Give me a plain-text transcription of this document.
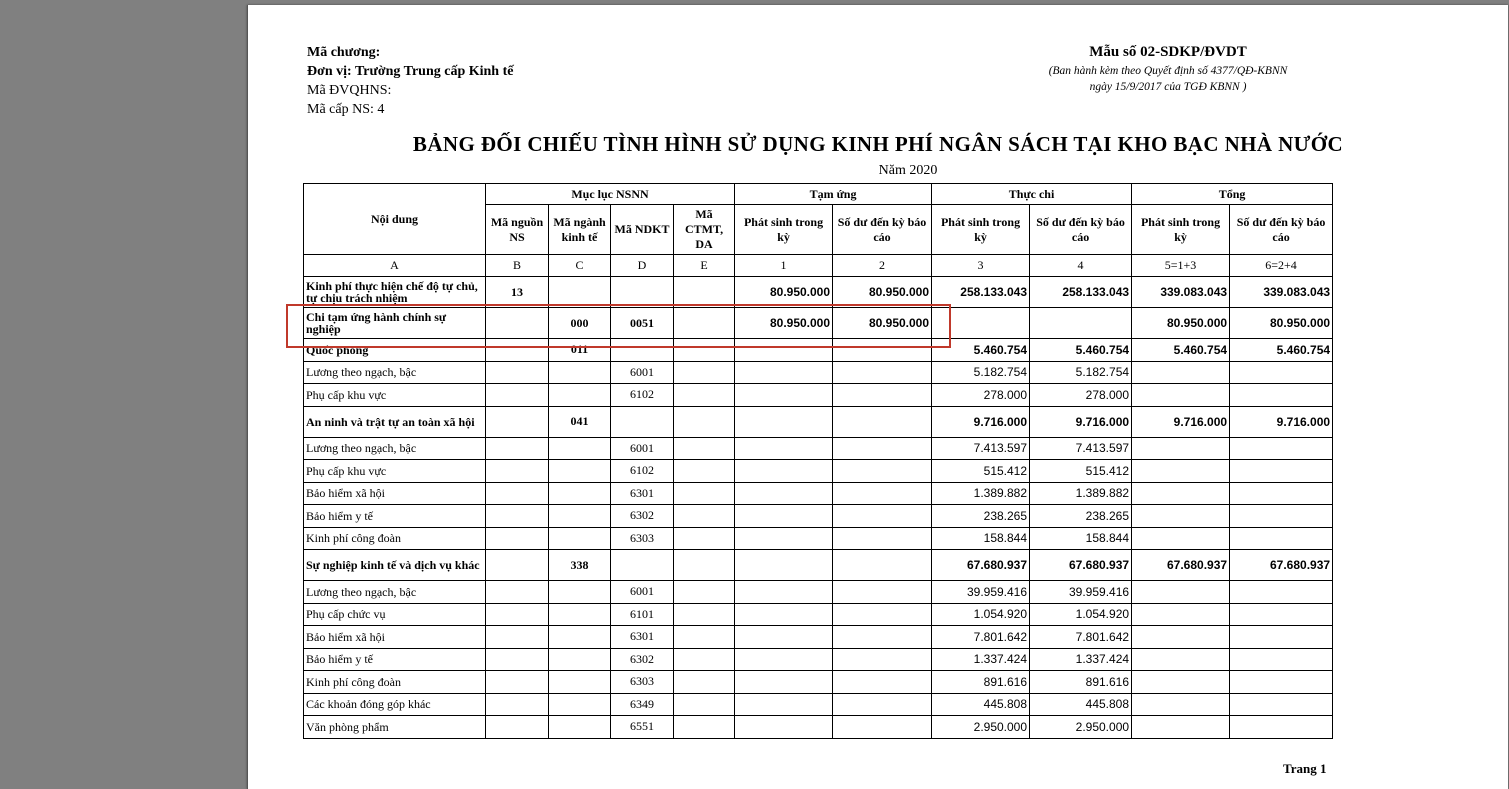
Mã chương:
Đơn vị: Trường Trung cấp Kinh tế
Mã ĐVQHNS:
Mã cấp NS: 4
Mẫu số 02-SDKP/ĐVDT
(Ban hành kèm theo Quyết định số 4377/QĐ-KBNN
ngày 15/9/2017 của TGĐ KBNN )
BẢNG ĐỐI CHIẾU TÌNH HÌNH SỬ DỤNG KINH PHÍ NGÂN SÁCH TẠI KHO BẠC NHÀ NƯỚC
Năm 2020
Nội dung	Mục lục NSNN				Tạm ứng		Thực chi		Tổng	
	Mã nguồn NS	Mã ngành kinh tế	Mã NDKT	Mã CTMT, DA	Phát sinh trong kỳ	Số dư đến kỳ báo cáo	Phát sinh trong kỳ	Số dư đến kỳ báo cáo	Phát sinh trong kỳ	Số dư đến kỳ báo cáo
A	B	C	D	E	1	2	3	4	5=1+3	6=2+4
Kinh phí thực hiện chế độ tự chủ, tự chịu trách nhiệm	13				80.950.000	80.950.000	258.133.043	258.133.043	339.083.043	339.083.043
Chi tạm ứng hành chính sự nghiệp		000	0051		80.950.000	80.950.000			80.950.000	80.950.000
Quốc phòng		011					5.460.754	5.460.754	5.460.754	5.460.754
Lương theo ngạch, bậc			6001				5.182.754	5.182.754		
Phụ cấp khu vực			6102				278.000	278.000		
An ninh và trật tự an toàn xã hội		041					9.716.000	9.716.000	9.716.000	9.716.000
Lương theo ngạch, bậc			6001				7.413.597	7.413.597		
Phụ cấp khu vực			6102				515.412	515.412		
Bảo hiểm xã hội			6301				1.389.882	1.389.882		
Bảo hiểm y tế			6302				238.265	238.265		
Kinh phí công đoàn			6303				158.844	158.844		
Sự nghiệp kinh tế và dịch vụ khác		338					67.680.937	67.680.937	67.680.937	67.680.937
Lương theo ngạch, bậc			6001				39.959.416	39.959.416		
Phụ cấp chức vụ			6101				1.054.920	1.054.920		
Bảo hiểm xã hội			6301				7.801.642	7.801.642		
Bảo hiểm y tế			6302				1.337.424	1.337.424		
Kinh phí công đoàn			6303				891.616	891.616		
Các khoản đóng góp khác			6349				445.808	445.808		
Văn phòng phẩm			6551				2.950.000	2.950.000		
Trang 1
